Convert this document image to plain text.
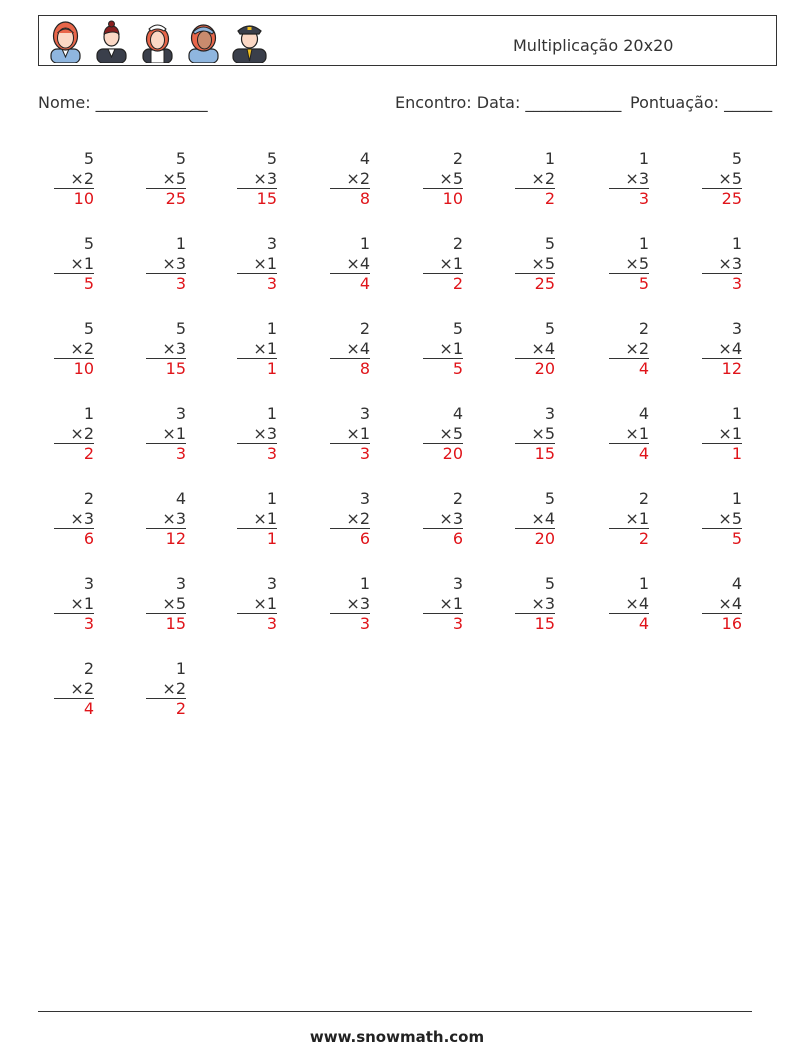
Multiplicação 20x20
Nome: ______________	Encontro: Data: ____________ Pontuação: ______
5
×2
10
5
×5
25
5
×3
15
4
×2
8
2
×5
10
1
×2
2
1
×3
3
5
×5
25
5
×1
5
1
×3
3
3
×1
3
1
×4
4
2
×1
2
5
×5
25
1
×5
5
1
×3
3
5
×2
10
5
×3
15
1
×1
1
2
×4
8
5
×1
5
5
×4
20
2
×2
4
3
×4
12
1
×2
2
3
×1
3
1
×3
3
3
×1
3
4
×5
20
3
×5
15
4
×1
4
1
×1
1
2
×3
6
4
×3
12
1
×1
1
3
×2
6
2
×3
6
5
×4
20
2
×1
2
1
×5
5
3
×1
3
3
×5
15
3
×1
3
1
×3
3
3
×1
3
5
×3
15
1
×4
4
4
×4
16
2
×2
4
1
×2
2
www.snowmath.com
